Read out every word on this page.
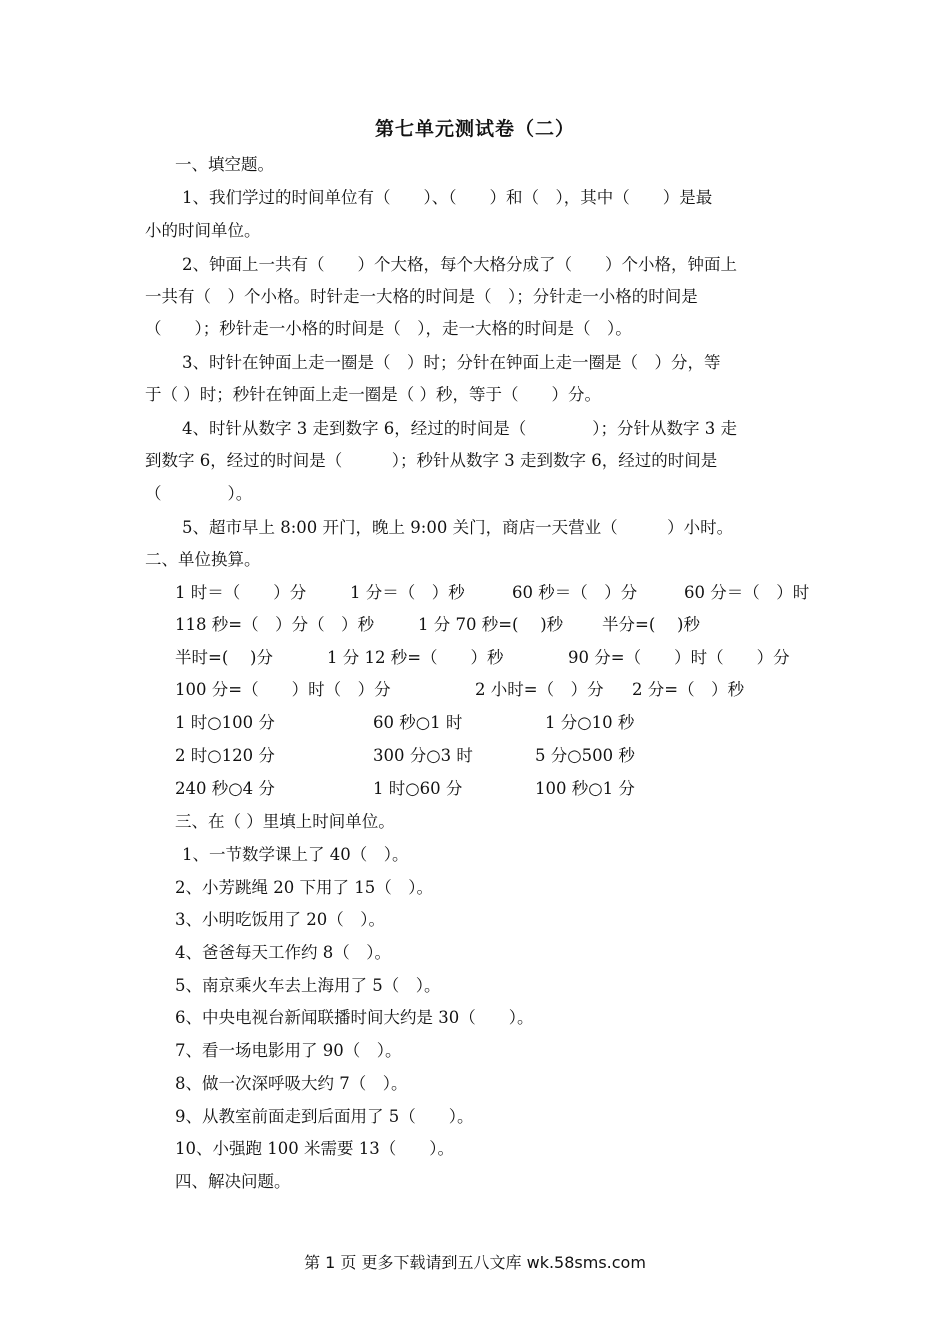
第七单元测试卷（二）
一、填空题。
1、我们学过的时间单位有（　　）、（　　）和（　），其中（　　）是最
小的时间单位。
2、钟面上一共有（　　）个大格，每个大格分成了（　　）个小格，钟面上
一共有（　）个小格。时针走一大格的时间是（　）；分针走一小格的时间是
（　　）；秒针走一小格的时间是（　），走一大格的时间是（　）。
3、时针在钟面上走一圈是（　）时；分针在钟面上走一圈是（　）分，等
于（ ）时；秒针在钟面上走一圈是（ ）秒，等于（　　）分。
4、时针从数字 3 走到数字 6，经过的时间是（　　　　）；分针从数字 3 走
到数字 6，经过的时间是（　　　）；秒针从数字 3 走到数字 6，经过的时间是
（　　　　）。
5、超市早上 8:00 开门，晚上 9:00 关门，商店一天营业（　　　）小时。
二、单位换算。
1 时＝（　　）分	1 分＝（　）秒	60 秒＝（　）分	60 分＝（　）时
118 秒=（　）分（　）秒	1 分 70 秒=(　 )秒 半分=(　 )秒
半时=(　 )分	1 分 12 秒=（　　）秒	90 分=（　　）时（　　）分
100 分=（　　）时（　）分	2 小时=（　）分 2 分=（　）秒
1 时○100 分	60 秒○1 时	1 分○10 秒
2 时○120 分	300 分○3 时	5 分○500 秒
240 秒○4 分	1 时○60 分	100 秒○1 分
三、在（ ）里填上时间单位。
1、一节数学课上了 40（　）。
2、小芳跳绳 20 下用了 15（　）。
3、小明吃饭用了 20（　）。
4、爸爸每天工作约 8（　）。
5、南京乘火车去上海用了 5（　）。
6、中央电视台新闻联播时间大约是 30（　　）。
7、看一场电影用了 90（　）。
8、做一次深呼吸大约 7（　）。
9、从教室前面走到后面用了 5（　　）。
10、小强跑 100 米需要 13（　　）。
四、解决问题。
第 1 页 更多下载请到五八文库 wk.58sms.com
